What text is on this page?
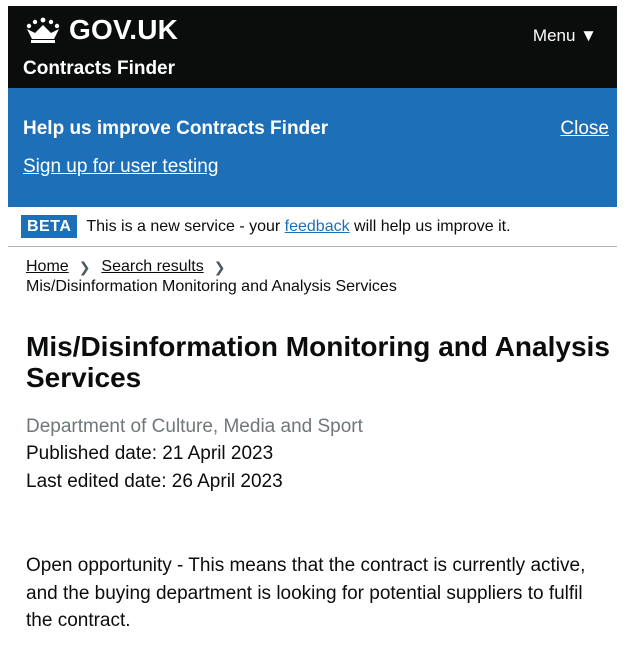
GOV.UK
Contracts Finder
Menu ▼
Help us improve Contracts Finder
Sign up for user testing
Close
BETA This is a new service - your feedback will help us improve it.
Home ❯ Search results ❯
Mis/Disinformation Monitoring and Analysis Services
Mis/Disinformation Monitoring and Analysis Services
Department of Culture, Media and Sport
Published date: 21 April 2023
Last edited date: 26 April 2023

Open opportunity - This means that the contract is currently active, and the buying department is looking for potential suppliers to fulfil the contract.
